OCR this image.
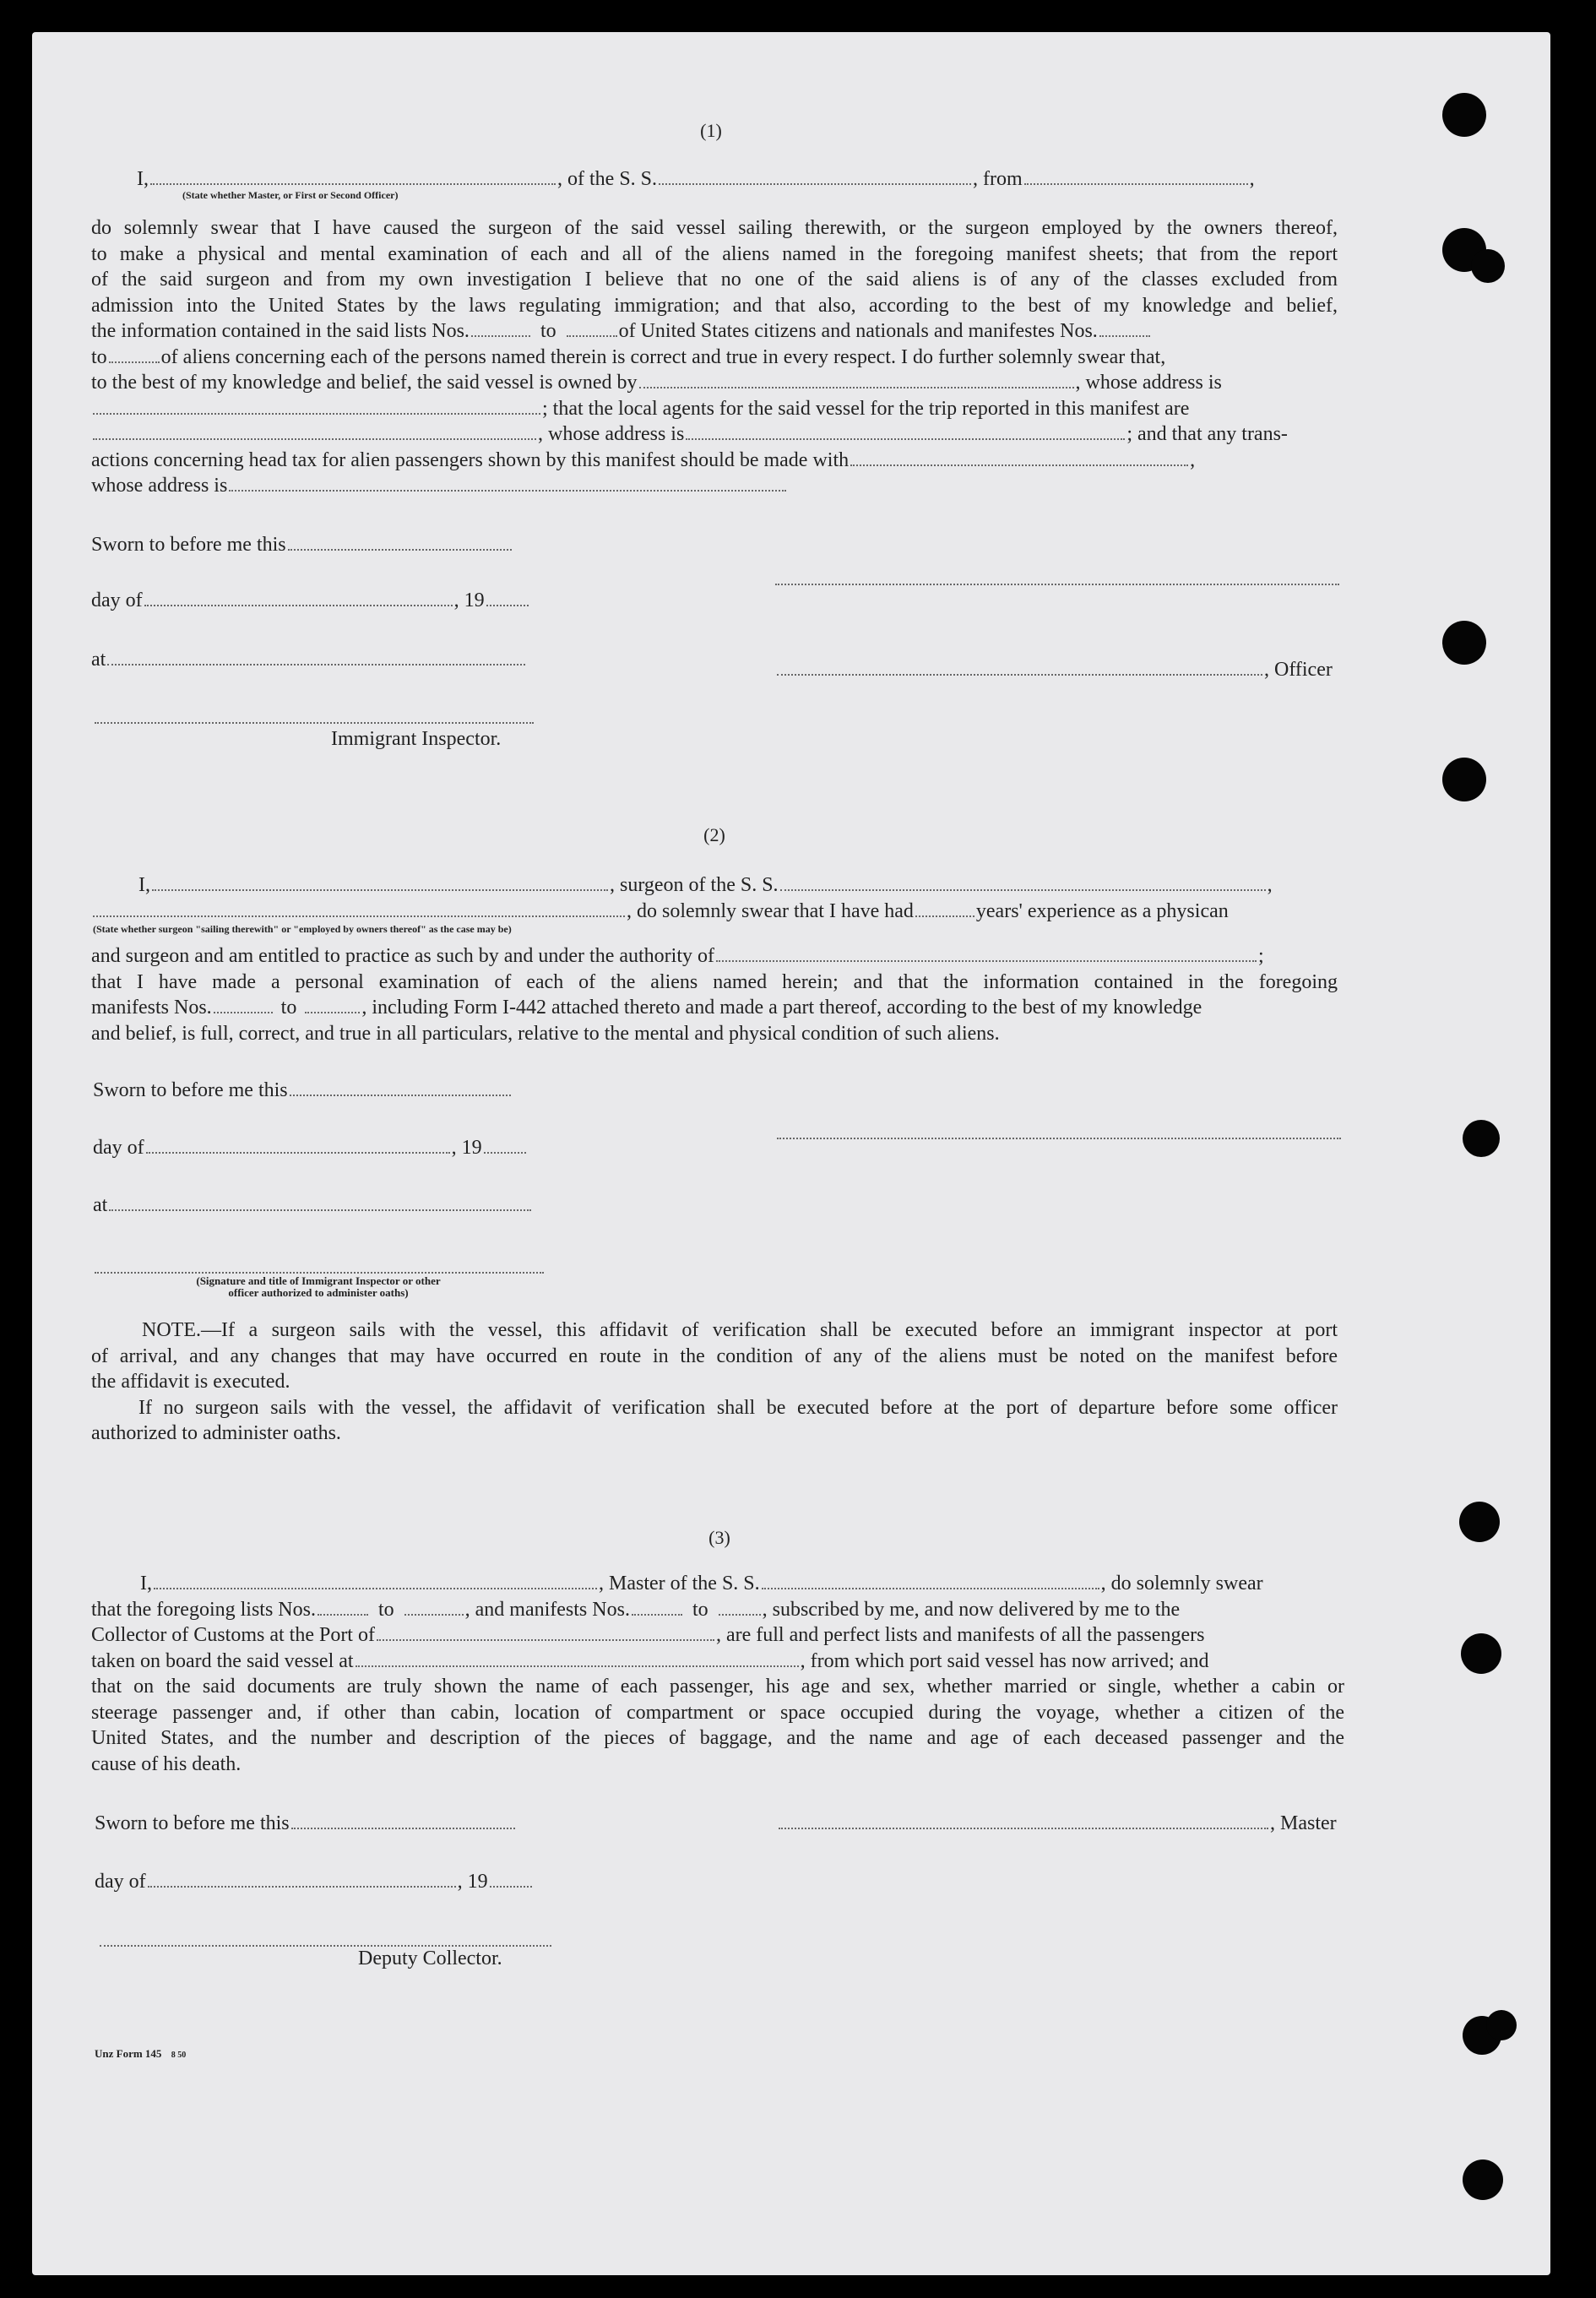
(1)
I,	, of the S. S.	, from	,
(State whether Master, or First or Second Officer)
do solemnly swear that I have caused the surgeon of the said vessel sailing therewith, or the surgeon employed by the owners thereof,
to make a physical and mental examination of each and all of the aliens named in the foregoing manifest sheets; that from the report
of the said surgeon and from my own investigation I believe that no one of the said aliens is of any of the classes excluded from
admission into the United States by the laws regulating immigration; and that also, according to the best of my knowledge and belief,
the information contained in the said lists Nos.	to	of United States citizens and nationals and manifestes Nos.
to	of aliens concerning each of the persons named therein is correct and true in every respect. I do further solemnly swear that,
to the best of my knowledge and belief, the said vessel is owned by	, whose address is
; that the local agents for the said vessel for the trip reported in this manifest are
, whose address is	; and that any trans-
actions concerning head tax for alien passengers shown by this manifest should be made with	,
whose address is
Sworn to before me this
day of	, 19
at	, Officer
Immigrant Inspector.
(2)
I,	, surgeon of the S. S.	,
, do solemnly swear that I have had	years' experience as a physican
(State whether surgeon "sailing therewith" or "employed by owners thereof" as the case may be)
and surgeon and am entitled to practice as such by and under the authority of	;
that I have made a personal examination of each of the aliens named herein; and that the information contained in the foregoing
manifests Nos.	to	, including Form I-442 attached thereto and made a part thereof, according to the best of my knowledge
and belief, is full, correct, and true in all particulars, relative to the mental and physical condition of such aliens.
Sworn to before me this
day of	, 19
at
(Signature and title of Immigrant Inspector or other
officer authorized to administer oaths)
NOTE.—If a surgeon sails with the vessel, this affidavit of verification shall be executed before an immigrant inspector at port
of arrival, and any changes that may have occurred en route in the condition of any of the aliens must be noted on the manifest before
the affidavit is executed.
If no surgeon sails with the vessel, the affidavit of verification shall be executed before at the port of departure before some officer
authorized to administer oaths.
(3)
I,	, Master of the S. S.	, do solemnly swear
that the foregoing lists Nos.	to	, and manifests Nos.	to	, subscribed by me, and now delivered by me to the
Collector of Customs at the Port of	, are full and perfect lists and manifests of all the passengers
taken on board the said vessel at	, from which port said vessel has now arrived; and
that on the said documents are truly shown the name of each passenger, his age and sex, whether married or single, whether a cabin or
steerage passenger and, if other than cabin, location of compartment or space occupied during the voyage, whether a citizen of the
United States, and the number and description of the pieces of baggage, and the name and age of each deceased passenger and the
cause of his death.
Sworn to before me this	, Master
day of	, 19
Deputy Collector.
Unz Form 145 8 50
